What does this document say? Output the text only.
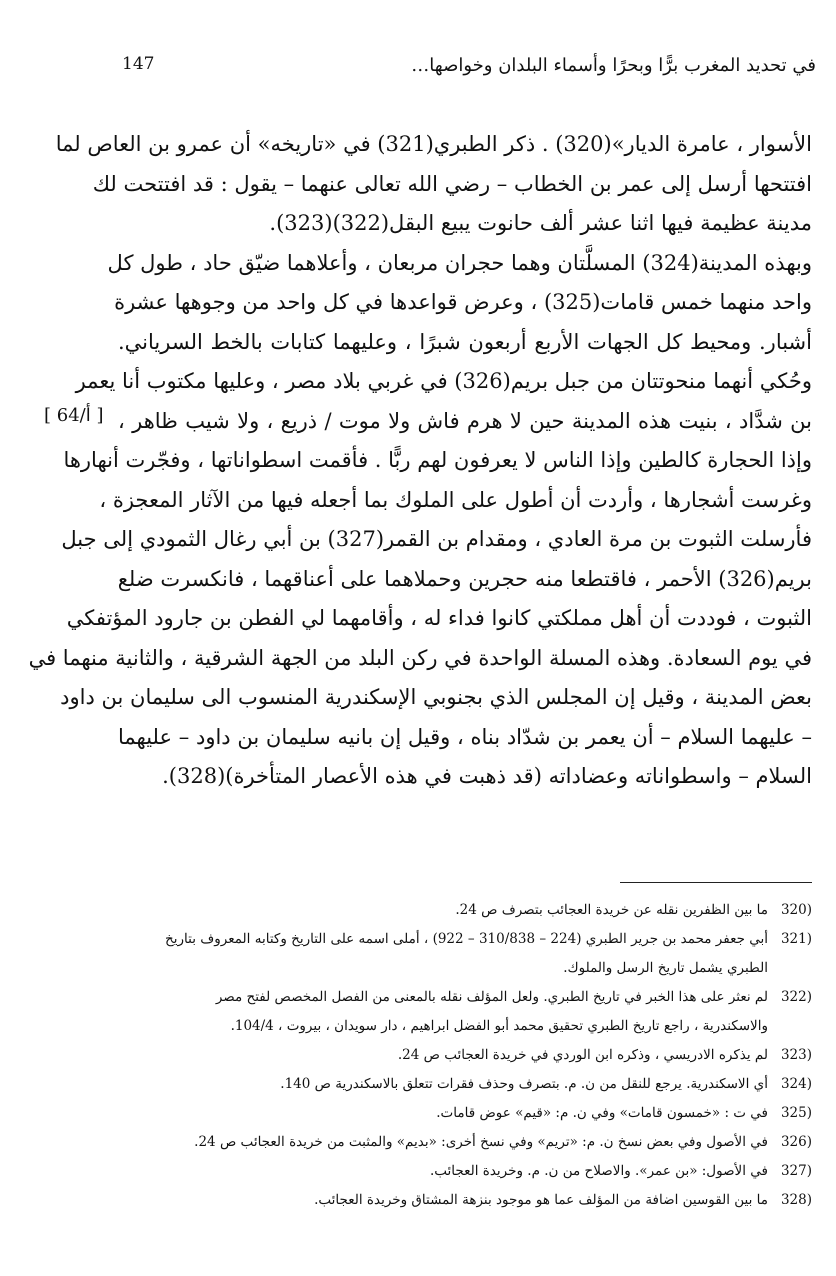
في تحديد المغرب برًّا وبحرًا وأسماء البلدان وخواصها…
147
الأسوار ، عامرة الديار»(320) . ذكر الطبري(321) في «تاريخه» أن عمرو بن العاص لما
افتتحها أرسل إلى عمر بن الخطاب – رضي الله تعالى عنهما – يقول : قد افتتحت لك
مدينة عظيمة فيها اثنا عشر ألف حانوت يبيع البقل(322)(323).
وبهذه المدينة(324) المسلَّتان وهما حجران مربعان ، وأعلاهما ضيّق حاد ، طول كل
واحد منهما خمس قامات(325) ، وعرض قواعدها في كل واحد من وجوهها عشرة
أشبار. ومحيط كل الجهات الأربع أربعون شبرًا ، وعليهما كتابات بالخط السرياني.
وحُكي أنهما منحوتتان من جبل بريم(326) في غربي بلاد مصر ، وعليها مكتوب أنا يعمر
بن شدَّاد ، بنيت هذه المدينة حين لا هرم فاش ولا موت / ذريع ، ولا شيب ظاهر ،
وإذا الحجارة كالطين وإذا الناس لا يعرفون لهم ربًّا . فأقمت اسطواناتها ، وفجّرت أنهارها
وغرست أشجارها ، وأردت أن أطول على الملوك بما أجعله فيها من الآثار المعجزة ،
فأرسلت الثبوت بن مرة العادي ، ومقدام بن القمر(327) بن أبي رغال الثمودي إلى جبل
بريم(326) الأحمر ، فاقتطعا منه حجرين وحملاهما على أعناقهما ، فانكسرت ضلع
الثبوت ، فوددت أن أهل مملكتي كانوا فداء له ، وأقامهما لي الفطن بن جارود المؤتفكي
في يوم السعادة. وهذه المسلة الواحدة في ركن البلد من الجهة الشرقية ، والثانية منهما في
بعض المدينة ، وقيل إن المجلس الذي بجنوبي الإسكندرية المنسوب الى سليمان بن داود
– عليهما السلام – أن يعمر بن شدّاد بناه ، وقيل إن بانيه سليمان بن داود – عليهما
السلام – واسطواناته وعضاداته (قد ذهبت في هذه الأعصار المتأخرة)(328).
[ 64/أ ]
320)ما بين الظفرين نقله عن خريدة العجائب بتصرف ص 24.
321)أبي جعفر محمد بن جرير الطبري (224 – 310/838 – 922) ، أملى اسمه على التاريخ وكتابه المعروف بتاريخ
الطبري يشمل تاريخ الرسل والملوك.
322)لم نعثر على هذا الخبر في تاريخ الطبري. ولعل المؤلف نقله بالمعنى من الفصل المخصص لفتح مصر
والاسكندرية ، راجع تاريخ الطبري تحقيق محمد أبو الفضل ابراهيم ، دار سويدان ، بيروت ، 104/4.
323)لم يذكره الادريسي ، وذكره ابن الوردي في خريدة العجائب ص 24.
324)أي الاسكندرية. يرجع للنقل من ن. م. بتصرف وحذف فقرات تتعلق بالاسكندرية ص 140.
325)في ت : «خمسون قامات» وفي ن. م: «قيم» عوض قامات.
326)في الأصول وفي بعض نسخ ن. م: «تريم» وفي نسخ أخرى: «بديم» والمثبت من خريدة العجائب ص 24.
327)في الأصول: «بن عمر». والاصلاح من ن. م. وخريدة العجائب.
328)ما بين القوسين اضافة من المؤلف عما هو موجود بنزهة المشتاق وخريدة العجائب.
